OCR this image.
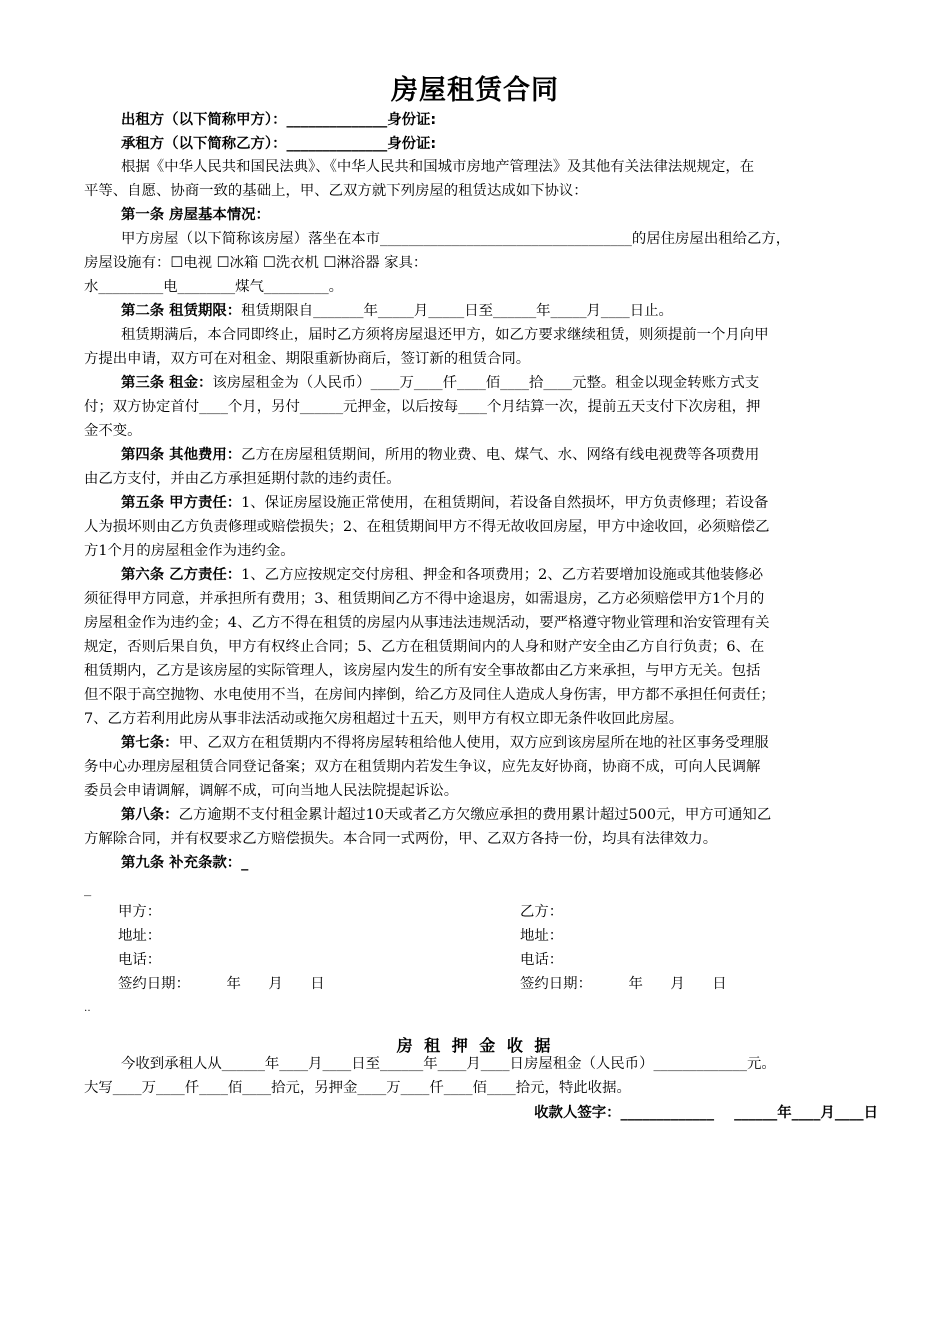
房屋租赁合同
出租方（以下简称甲方）：______________身份证:
承租方（以下简称乙方）：______________身份证:
根据《中华人民共和国民法典》、《中华人民共和国城市房地产管理法》及其他有关法律法规规定，在
平等、自愿、协商一致的基础上，甲、乙双方就下列房屋的租赁达成如下协议：
第一条 房屋基本情况：
甲方房屋（以下简称该房屋）落坐在本市___________________________________的居住房屋出租给乙方，
房屋设施有：☐电视 ☐冰箱 ☐洗衣机 ☐淋浴器 家具：
水_________电________煤气_________。
第二条 租赁期限：租赁期限自_______年_____月_____日至______年_____月____日止。
租赁期满后，本合同即终止，届时乙方须将房屋退还甲方，如乙方要求继续租赁，则须提前一个月向甲
方提出申请，双方可在对租金、期限重新协商后，签订新的租赁合同。
第三条 租金：该房屋租金为（人民币）____万____仟____佰____拾____元整。租金以现金转账方式支
付；双方协定首付____个月，另付______元押金，以后按每____个月结算一次，提前五天支付下次房租，押
金不变。
第四条 其他费用：乙方在房屋租赁期间，所用的物业费、电、煤气、水、网络有线电视费等各项费用
由乙方支付，并由乙方承担延期付款的违约责任。
第五条 甲方责任：1、保证房屋设施正常使用，在租赁期间，若设备自然损坏，甲方负责修理；若设备
人为损坏则由乙方负责修理或赔偿损失；2、在租赁期间甲方不得无故收回房屋，甲方中途收回，必须赔偿乙
方1个月的房屋租金作为违约金。
第六条 乙方责任：1、乙方应按规定交付房租、押金和各项费用；2、乙方若要增加设施或其他装修必
须征得甲方同意，并承担所有费用；3、租赁期间乙方不得中途退房，如需退房，乙方必须赔偿甲方1个月的
房屋租金作为违约金；4、乙方不得在租赁的房屋内从事违法违规活动，要严格遵守物业管理和治安管理有关
规定，否则后果自负，甲方有权终止合同；5、乙方在租赁期间内的人身和财产安全由乙方自行负责；6、在
租赁期内，乙方是该房屋的实际管理人，该房屋内发生的所有安全事故都由乙方来承担，与甲方无关。包括
但不限于高空抛物、水电使用不当，在房间内摔倒，给乙方及同住人造成人身伤害，甲方都不承担任何责任；
7、乙方若利用此房从事非法活动或拖欠房租超过十五天，则甲方有权立即无条件收回此房屋。
第七条：甲、乙双方在租赁期内不得将房屋转租给他人使用，双方应到该房屋所在地的社区事务受理服
务中心办理房屋租赁合同登记备案；双方在租赁期内若发生争议，应先友好协商，协商不成，可向人民调解
委员会申请调解，调解不成，可向当地人民法院提起诉讼。
第八条：乙方逾期不支付租金累计超过10天或者乙方欠缴应承担的费用累计超过500元，甲方可通知乙
方解除合同，并有权要求乙方赔偿损失。本合同一式两份，甲、乙双方各持一份，均具有法律效力。
第九条 补充条款：_
_
甲方：
地址：
电话：
签约日期：        年      月      日
乙方：
地址：
电话：
签约日期：        年      月      日
‥
房 租 押 金 收 据
今收到承租人从______年____月____日至______年____月____日房屋租金（人民币）_____________元。
大写____万____仟____佰____拾元，另押金____万____仟____佰____拾元，特此收据。
收款人签字：_____________    ______年____月____日
